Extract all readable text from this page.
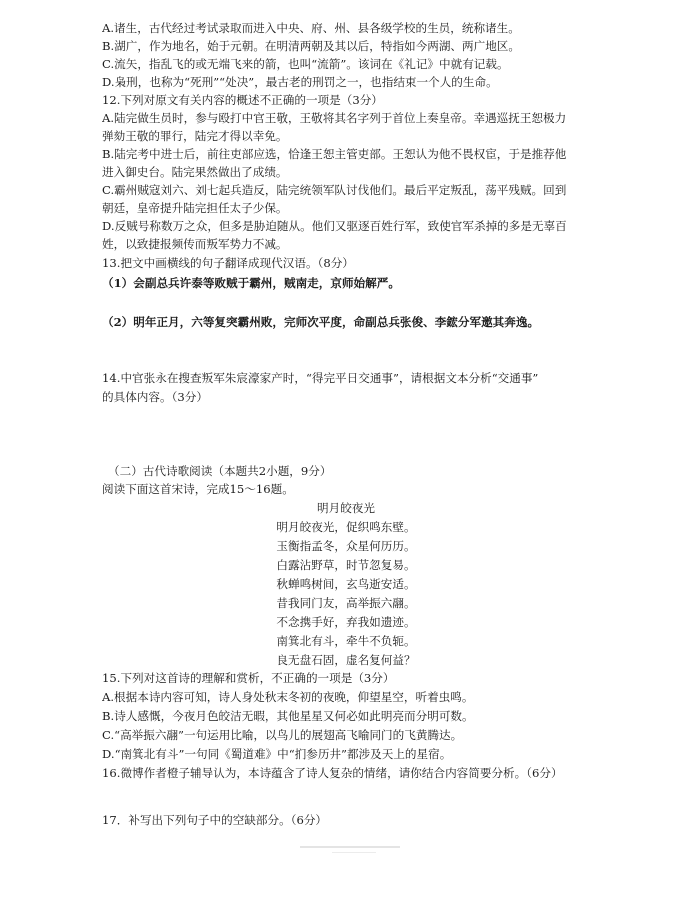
A.诸生，古代经过考试录取而进入中央、府、州、县各级学校的生员，统称诸生。
B.湖广，作为地名，始于元朝。在明清两朝及其以后，特指如今两湖、两广地区。
C.流矢，指乱飞的或无端飞来的箭，也叫“流箭”。该词在《礼记》中就有记载。
D.枭刑，也称为“死刑”“处决”，最古老的刑罚之一，也指结束一个人的生命。
12.下列对原文有关内容的概述不正确的一项是（3分）
A.陆完做生员时，参与殴打中官王敬，王敬将其名字列于首位上奏皇帝。幸遇巡抚王恕极力
弹劾王敬的罪行，陆完才得以幸免。
B.陆完考中进士后，前往吏部应选，恰逢王恕主管吏部。王恕认为他不畏权宦，于是推荐他
进入御史台。陆完果然做出了成绩。
C.霸州贼寇刘六、刘七起兵造反，陆完统领军队讨伐他们。最后平定叛乱，荡平残贼。回到
朝廷，皇帝提升陆完担任太子少保。
D.反贼号称数万之众，但多是胁迫随从。他们又驱逐百姓行军，致使官军杀掉的多是无辜百
姓，以致捷报频传而叛军势力不减。
13.把文中画横线的句子翻译成现代汉语。（8分）
（1）会副总兵许泰等败贼于霸州，贼南走，京师始解严。
（2）明年正月，六等复突霸州败，完师次平度，命副总兵张俊、李鋐分军邀其奔逸。
14.中官张永在搜查叛军朱宸濠家产时，“得完平日交通事”，请根据文本分析“交通事”
的具体内容。（3分）
（二）古代诗歌阅读（本题共2小题，9分）
阅读下面这首宋诗，完成15～16题。
明月皎夜光
明月皎夜光，促织鸣东壁。
玉衡指孟冬，众星何历历。
白露沾野草，时节忽复易。
秋蝉鸣树间，玄鸟逝安适。
昔我同门友，高举振六翮。
不念携手好，弃我如遗迹。
南箕北有斗，牵牛不负轭。
良无盘石固，虚名复何益？
15.下列对这首诗的理解和赏析，不正确的一项是（3分）
A.根据本诗内容可知，诗人身处秋末冬初的夜晚，仰望星空，听着虫鸣。
B.诗人感慨，今夜月色皎洁无暇，其他星星又何必如此明亮而分明可数。
C.“高举振六翮”一句运用比喻，以鸟儿的展翅高飞喻同门的飞黄腾达。
D.“南箕北有斗”一句同《蜀道难》中“扪参历井”都涉及天上的星宿。
16.微博作者橙子辅导认为，本诗蕴含了诗人复杂的情绪，请你结合内容简要分析。（6分）
17．补写出下列句子中的空缺部分。（6分）
